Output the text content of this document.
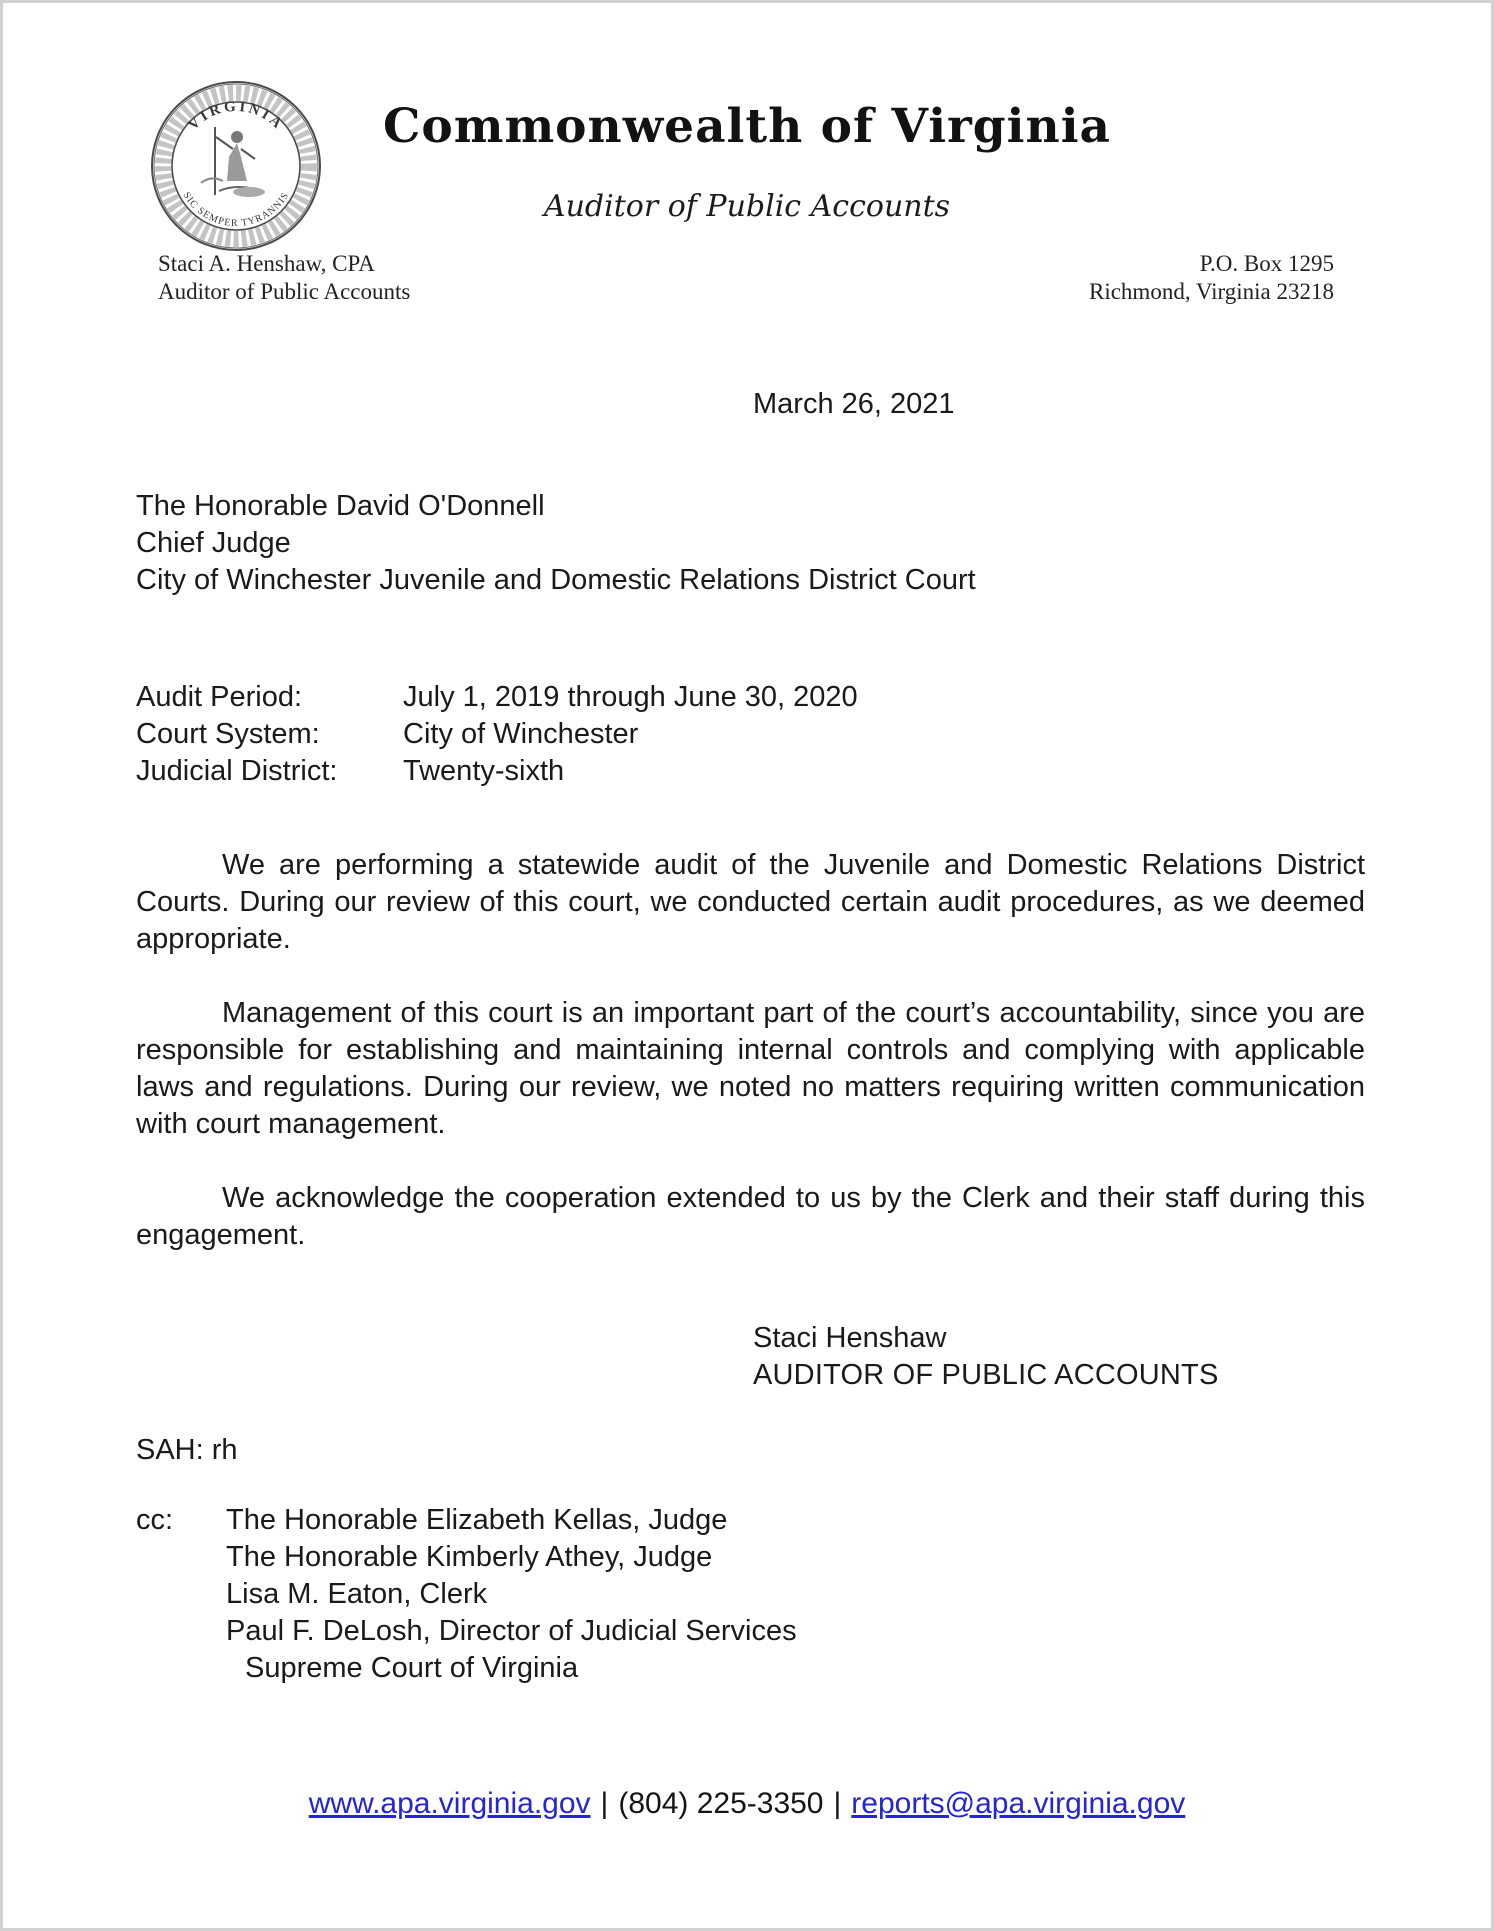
VIRGINIA
SIC SEMPER TYRANNIS
Commonwealth of Virginia
Auditor of Public Accounts
Staci A. Henshaw, CPA
Auditor of Public Accounts
P.O. Box 1295
Richmond, Virginia 23218
March 26, 2021
The Honorable David O'Donnell
Chief Judge
City of Winchester Juvenile and Domestic Relations District Court
Audit Period:	July 1, 2019 through June 30, 2020
Court System:	City of Winchester
Judicial District:	Twenty-sixth

We are performing a statewide audit of the Juvenile and Domestic Relations District Courts. During our review of this court, we conducted certain audit procedures, as we deemed appropriate.

Management of this court is an important part of the court’s accountability, since you are responsible for establishing and maintaining internal controls and complying with applicable laws and regulations. During our review, we noted no matters requiring written communication with court management.

We acknowledge the cooperation extended to us by the Clerk and their staff during this engagement.

Staci Henshaw
AUDITOR OF PUBLIC ACCOUNTS
SAH: rh
cc:	The Honorable Elizabeth Kellas, Judge
The Honorable Kimberly Athey, Judge
Lisa M. Eaton, Clerk
Paul F. DeLosh, Director of Judicial Services
Supreme Court of Virginia
www.apa.virginia.gov | (804) 225-3350 | reports@apa.virginia.gov
